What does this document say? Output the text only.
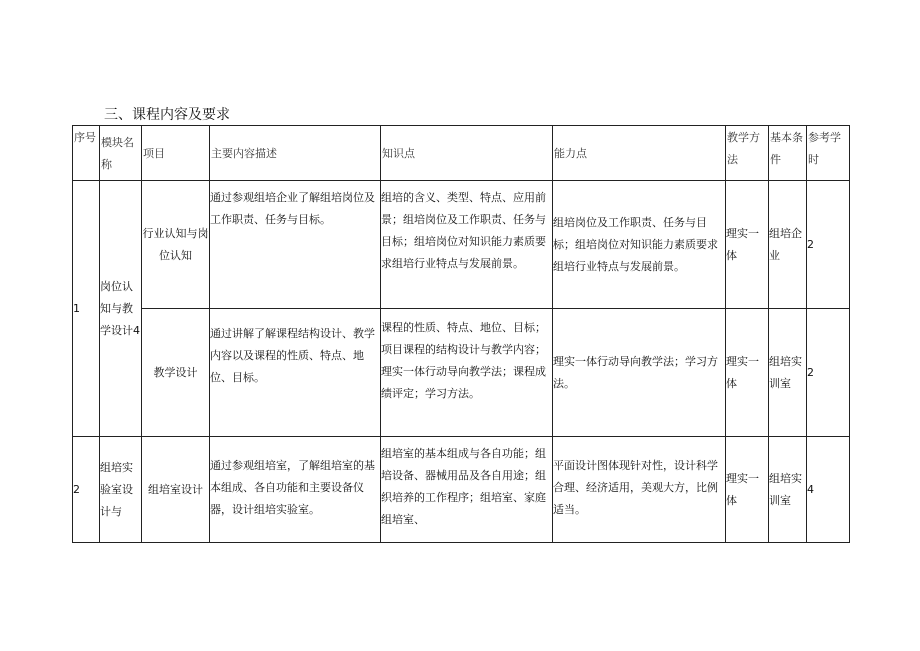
三、课程内容及要求
序号	模块名称	项目	主要内容描述	知识点	能力点	教学方法	基本条件	参考学时
1	岗位认知与教学设计4	行业认知与岗位认知	通过参观组培企业了解组培岗位及工作职责、任务与目标。	组培的含义、类型、特点、应用前景；组培岗位及工作职责、任务与目标；组培岗位对知识能力素质要求组培行业特点与发展前景。	组培岗位及工作职责、任务与目标；组培岗位对知识能力素质要求组培行业特点与发展前景。	理实一体	组培企业	2
		教学设计	通过讲解了解课程结构设计、教学内容以及课程的性质、特点、地位、目标。	课程的性质、特点、地位、目标；项目课程的结构设计与教学内容；理实一体行动导向教学法；课程成绩评定；学习方法。	理实一体行动导向教学法；学习方法。	理实一体	组培实训室	2
2	组培实验室设计与	组培室设计	通过参观组培室，了解组培室的基本组成、各自功能和主要设备仪器，设计组培实验室。	组培室的基本组成与各自功能；组培设备、器械用品及各自用途；组织培养的工作程序；组培室、家庭组培室、	平面设计图体现针对性，设计科学合理、经济适用，美观大方，比例适当。	理实一体	组培实训室	4
